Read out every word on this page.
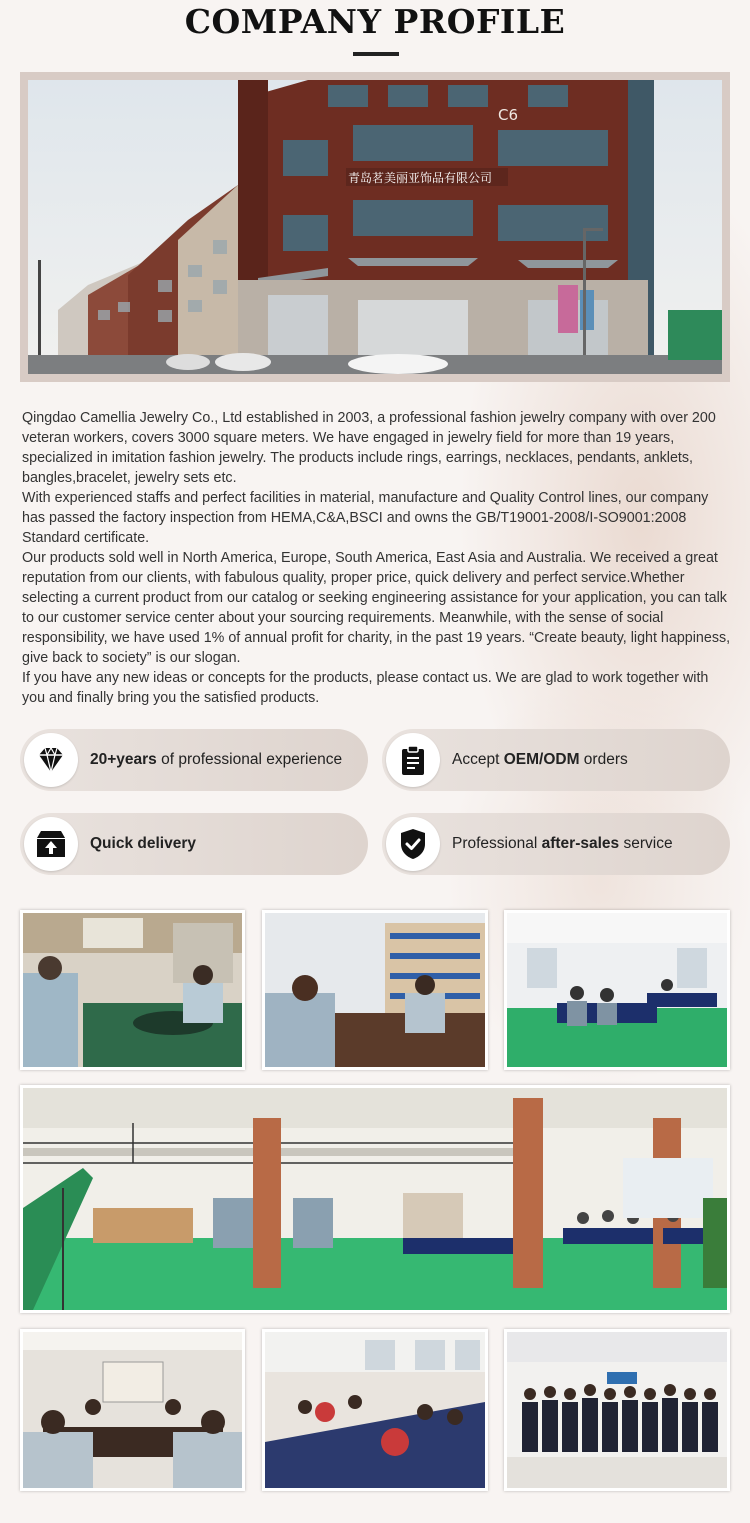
COMPANY PROFILE
青岛茗美丽亚饰品有限公司
C6

Qingdao Camellia Jewelry Co., Ltd established in 2003, a professional fashion jewelry company with over 200 veteran workers, covers 3000 square meters. We have engaged in jewelry field for more than 19 years, specialized in imitation fashion jewelry. The products include rings, earrings, necklaces, pendants, anklets, bangles,bracelet, jewelry sets etc.

With experienced staffs and perfect facilities in material, manufacture and Quality Control lines, our company has passed the factory inspection from HEMA,C&A,BSCI and owns the GB/T19001-2008/I-SO9001:2008 Standard certificate.

Our products sold well in North America, Europe, South America, East Asia and Australia. We received a great reputation from our clients, with fabulous quality, proper price, quick delivery and perfect service.Whether selecting a current product from our catalog or seeking engineering assistance for your application, you can talk to our customer service center about your sourcing requirements. Meanwhile, with the sense of social responsibility, we have used 1% of annual profit for charity, in the past 19 years. “Create beauty, light happiness, give back to society” is our slogan.

If you have any new ideas or concepts for the products, please contact us. We are glad to work together with you and finally bring you the satisfied products.

20+years of professional experience	Accept OEM/ODM orders
Quick delivery	Professional after-sales service
